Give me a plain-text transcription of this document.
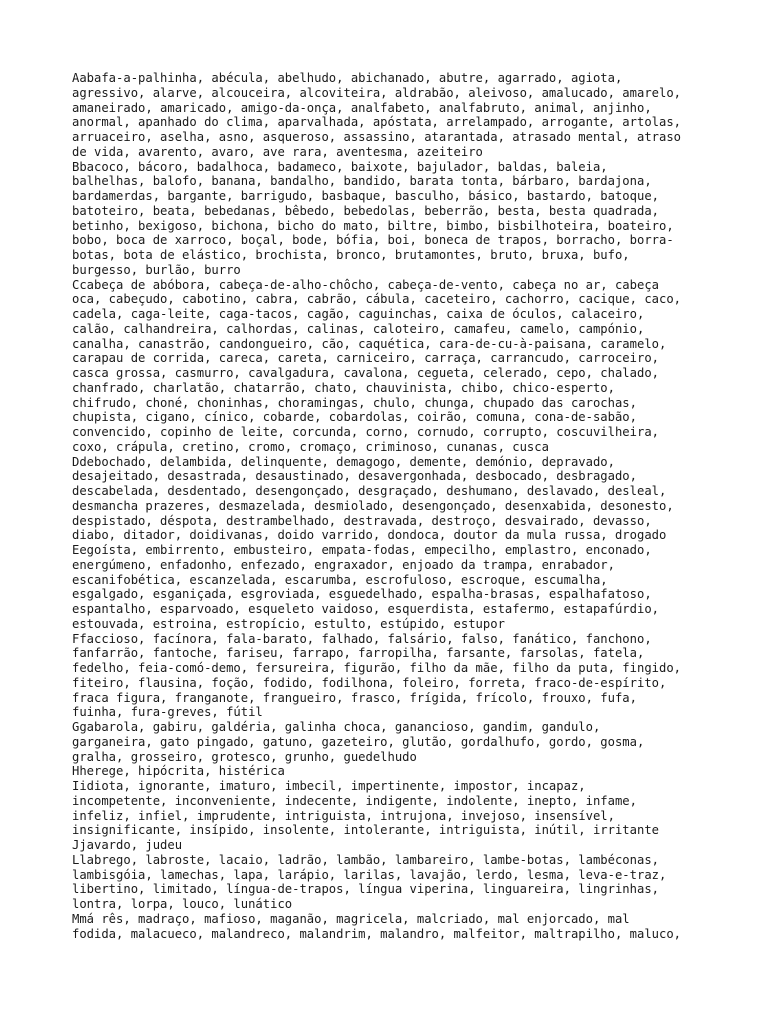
Aabafa-a-palhinha, abécula, abelhudo, abichanado, abutre, agarrado, agiota,
agressivo, alarve, alcouceira, alcoviteira, aldrabão, aleivoso, amalucado, amarelo,
amaneirado, amaricado, amigo-da-onça, analfabeto, analfabruto, animal, anjinho,
anormal, apanhado do clima, aparvalhada, apóstata, arrelampado, arrogante, artolas,
arruaceiro, aselha, asno, asqueroso, assassino, atarantada, atrasado mental, atraso
de vida, avarento, avaro, ave rara, aventesma, azeiteiro
Bbacoco, bácoro, badalhoca, badameco, baixote, bajulador, baldas, baleia,
balhelhas, balofo, banana, bandalho, bandido, barata tonta, bárbaro, bardajona,
bardamerdas, bargante, barrigudo, basbaque, basculho, básico, bastardo, batoque,
batoteiro, beata, bebedanas, bêbedo, bebedolas, beberrão, besta, besta quadrada,
betinho, bexigoso, bichona, bicho do mato, biltre, bimbo, bisbilhoteira, boateiro,
bobo, boca de xarroco, boçal, bode, bófia, boi, boneca de trapos, borracho, borra-
botas, bota de elástico, brochista, bronco, brutamontes, bruto, bruxa, bufo,
burgesso, burlão, burro
Ccabeça de abóbora, cabeça-de-alho-chôcho, cabeça-de-vento, cabeça no ar, cabeça
oca, cabeçudo, cabotino, cabra, cabrão, cábula, caceteiro, cachorro, cacique, caco,
cadela, caga-leite, caga-tacos, cagão, caguinchas, caixa de óculos, calaceiro,
calão, calhandreira, calhordas, calinas, caloteiro, camafeu, camelo, campónio,
canalha, canastrão, candongueiro, cão, caquética, cara-de-cu-à-paisana, caramelo,
carapau de corrida, careca, careta, carniceiro, carraça, carrancudo, carroceiro,
casca grossa, casmurro, cavalgadura, cavalona, cegueta, celerado, cepo, chalado,
chanfrado, charlatão, chatarrão, chato, chauvinista, chibo, chico-esperto,
chifrudo, choné, choninhas, choramingas, chulo, chunga, chupado das carochas,
chupista, cigano, cínico, cobarde, cobardolas, coirão, comuna, cona-de-sabão,
convencido, copinho de leite, corcunda, corno, cornudo, corrupto, coscuvilheira,
coxo, crápula, cretino, cromo, cromaço, criminoso, cunanas, cusca
Ddebochado, delambida, delinquente, demagogo, demente, demónio, depravado,
desajeitado, desastrada, desaustinado, desavergonhada, desbocado, desbragado,
descabelada, desdentado, desengonçado, desgraçado, deshumano, deslavado, desleal,
desmancha prazeres, desmazelada, desmiolado, desengonçado, desenxabida, desonesto,
despistado, déspota, destrambelhado, destravada, destroço, desvairado, devasso,
diabo, ditador, doidivanas, doido varrido, dondoca, doutor da mula russa, drogado
Eegoísta, embirrento, embusteiro, empata-fodas, empecilho, emplastro, enconado,
energúmeno, enfadonho, enfezado, engraxador, enjoado da trampa, enrabador,
escanifobética, escanzelada, escarumba, escrofuloso, escroque, escumalha,
esgalgado, esganiçada, esgroviada, esguedelhado, espalha-brasas, espalhafatoso,
espantalho, esparvoado, esqueleto vaidoso, esquerdista, estafermo, estapafúrdio,
estouvada, estroina, estropício, estulto, estúpido, estupor
Ffaccioso, facínora, fala-barato, falhado, falsário, falso, fanático, fanchono,
fanfarrão, fantoche, fariseu, farrapo, farropilha, farsante, farsolas, fatela,
fedelho, feia-comó-demo, fersureira, figurão, filho da mãe, filho da puta, fingido,
fiteiro, flausina, foção, fodido, fodilhona, foleiro, forreta, fraco-de-espírito,
fraca figura, franganote, frangueiro, frasco, frígida, frícolo, frouxo, fufa,
fuinha, fura-greves, fútil
Ggabarola, gabiru, galdéria, galinha choca, ganancioso, gandim, gandulo,
garganeira, gato pingado, gatuno, gazeteiro, glutão, gordalhufo, gordo, gosma,
gralha, grosseiro, grotesco, grunho, guedelhudo
Hherege, hipócrita, histérica
Iidiota, ignorante, imaturo, imbecil, impertinente, impostor, incapaz,
incompetente, inconveniente, indecente, indigente, indolente, inepto, infame,
infeliz, infiel, imprudente, intriguista, intrujona, invejoso, insensível,
insignificante, insípido, insolente, intolerante, intriguista, inútil, irritante
Jjavardo, judeu
Llabrego, labroste, lacaio, ladrão, lambão, lambareiro, lambe-botas, lambéconas,
lambisgóia, lamechas, lapa, larápio, larilas, lavajão, lerdo, lesma, leva-e-traz,
libertino, limitado, língua-de-trapos, língua viperina, linguareira, lingrinhas,
lontra, lorpa, louco, lunático
Mmá rês, madraço, mafioso, maganão, magricela, malcriado, mal enjorcado, mal
fodida, malacueco, malandreco, malandrim, malandro, malfeitor, maltrapilho, maluco,
